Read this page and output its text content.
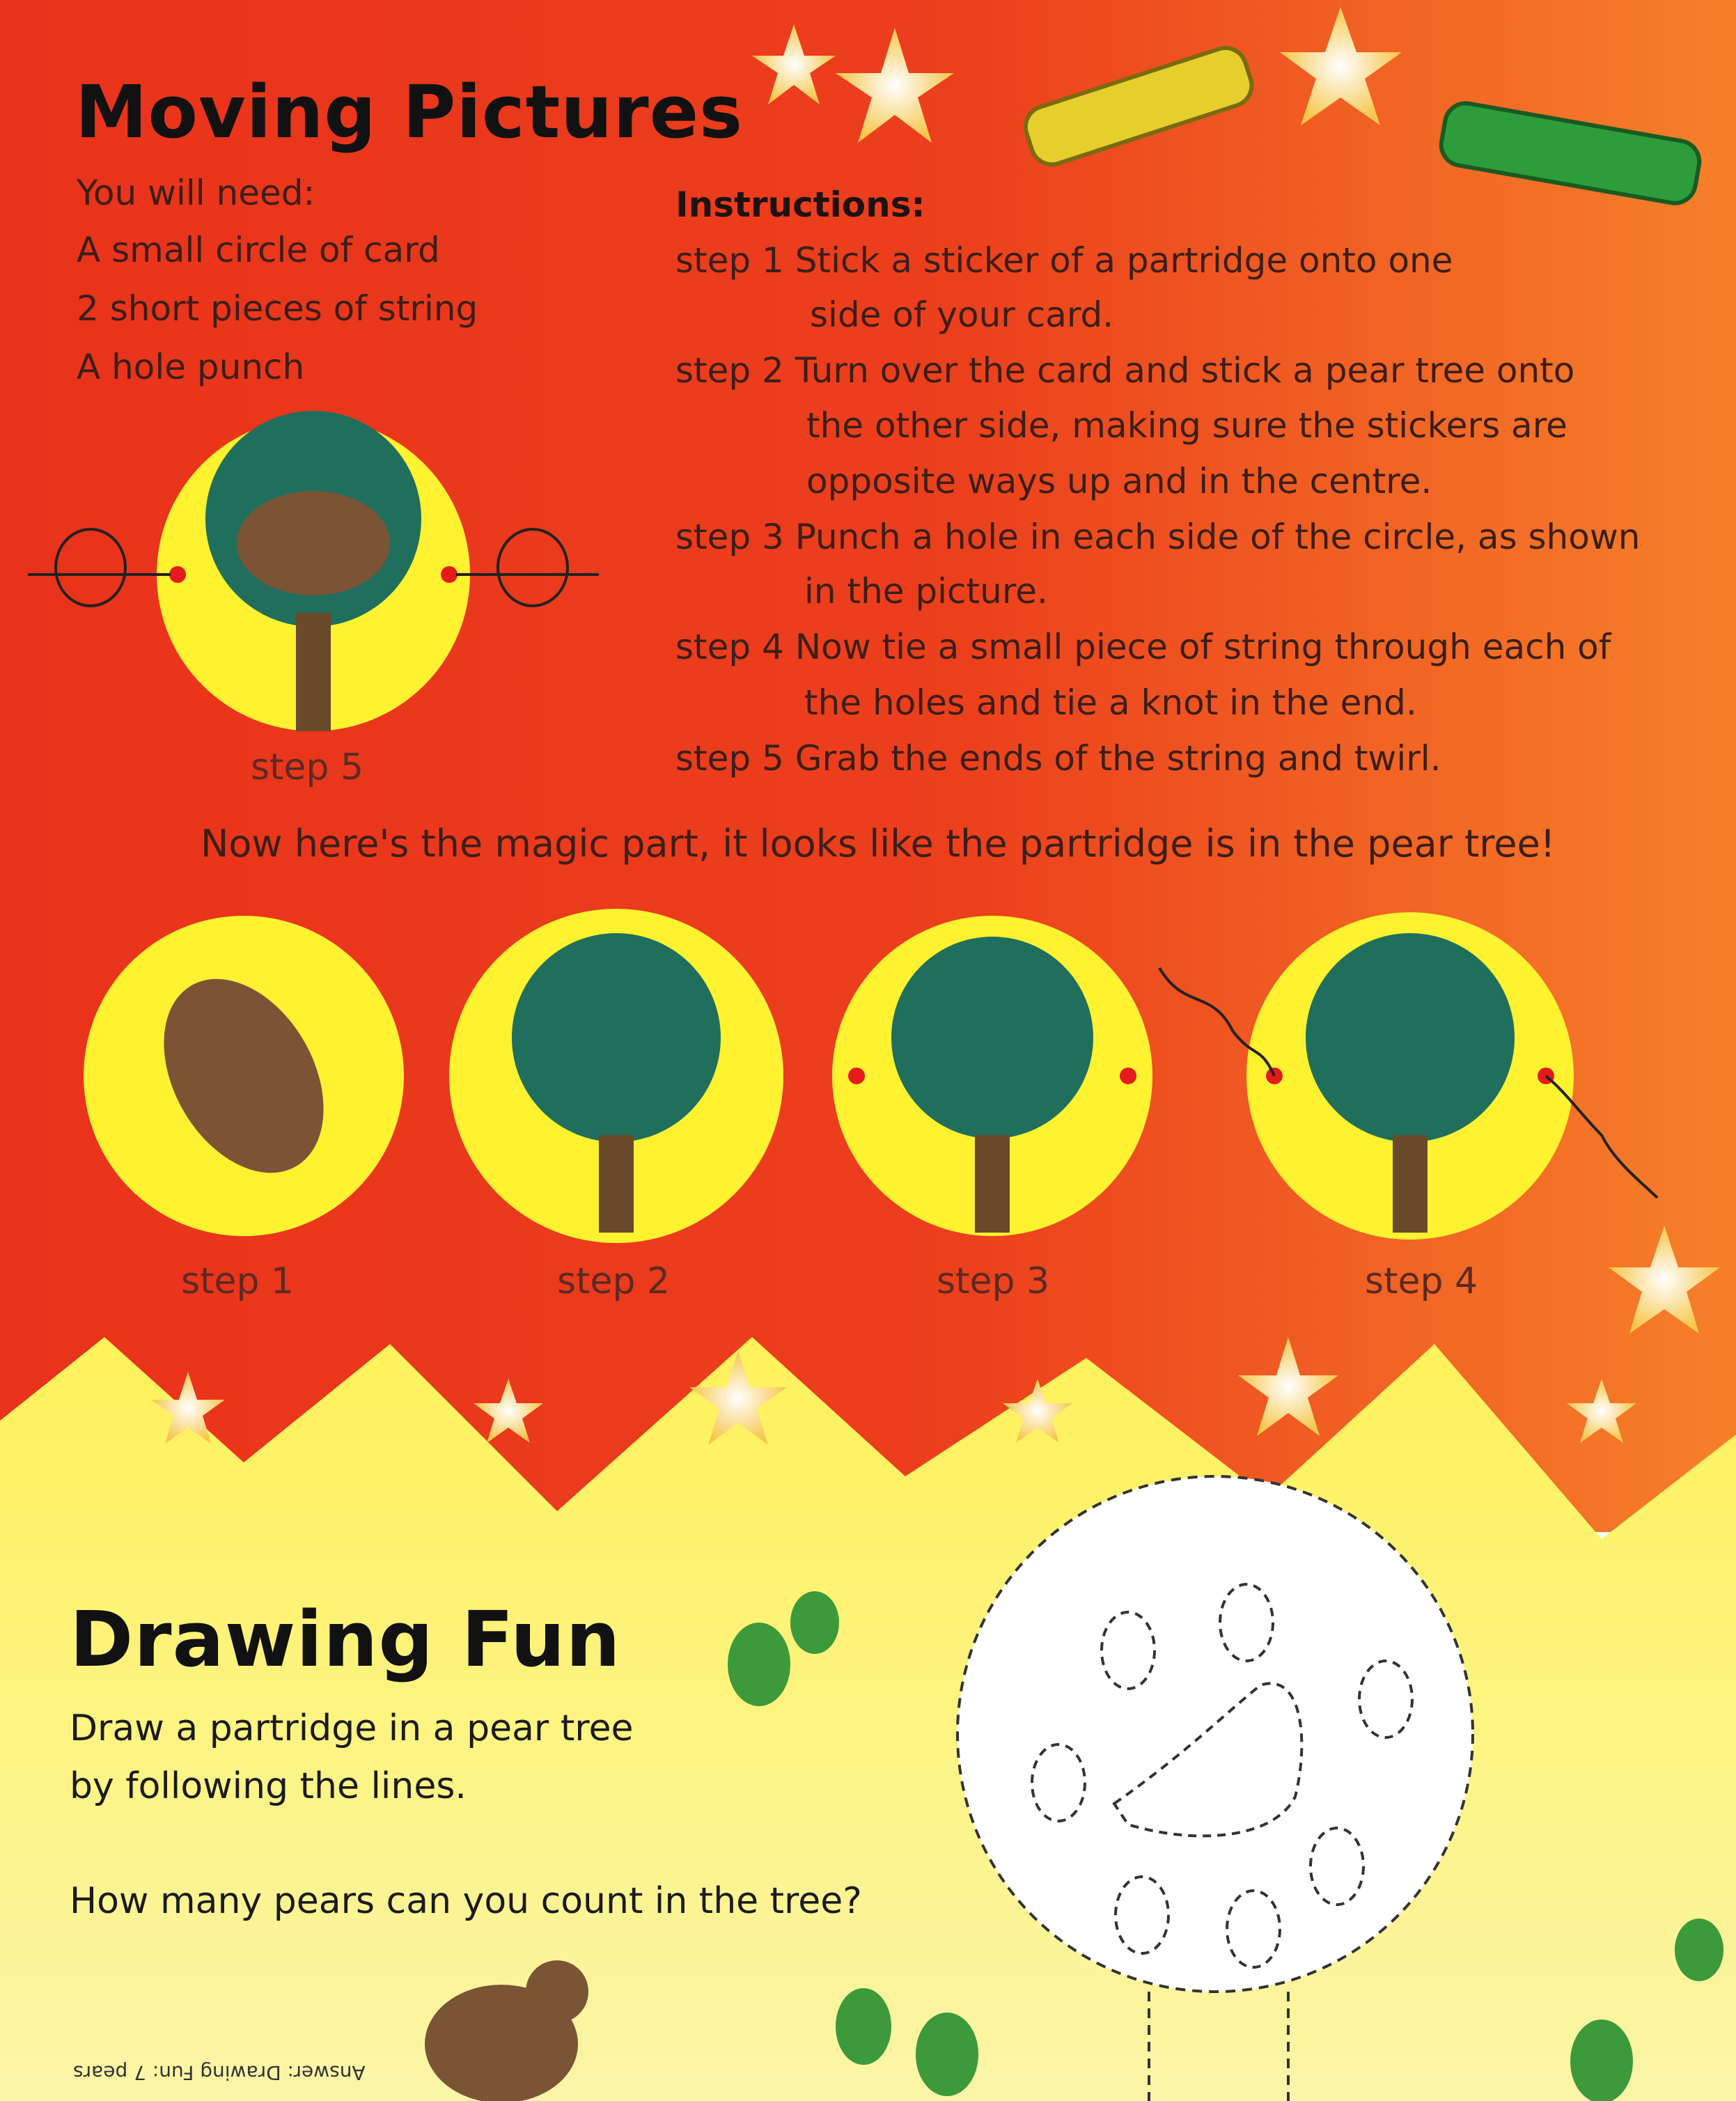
Moving Pictures

You will need:

A small circle of card

2 short pieces of string

A hole punch

Instructions:

step 1 Stick a sticker of a partridge onto one

side of your card.

step 2 Turn over the card and stick a pear tree onto

the other side, making sure the stickers are

opposite ways up and in the centre.

step 3 Punch a hole in each side of the circle, as shown

in the picture.

step 4 Now tie a small piece of string through each of

the holes and tie a knot in the end.

step 5 Grab the ends of the string and twirl.

step 5

Now here's the magic part, it looks like the partridge is in the pear tree!

step 1	step 2	step 3	step 4

Drawing Fun

Draw a partridge in a pear tree

by following the lines.

How many pears can you count in the tree?

Answer: Drawing Fun: 7 pears
